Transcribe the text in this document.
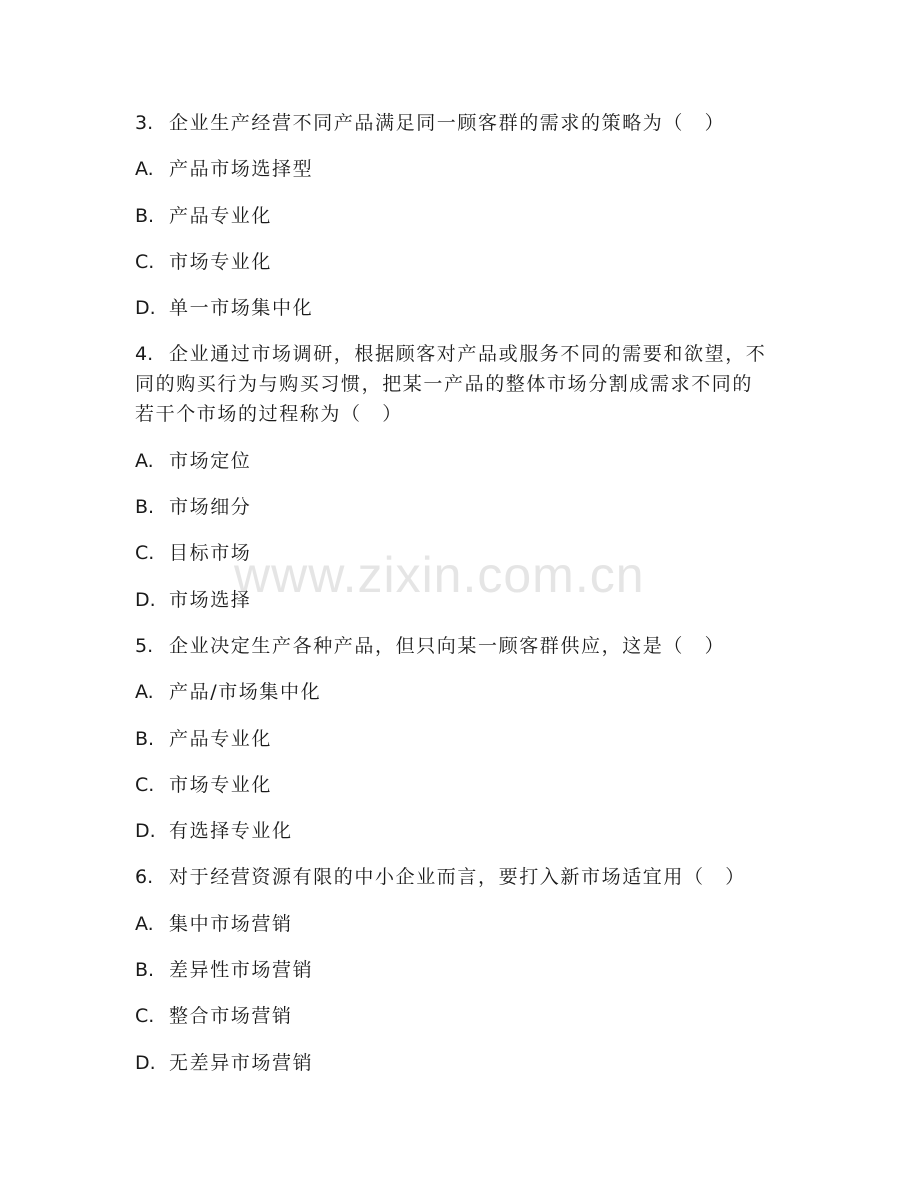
3. 企业生产经营不同产品满足同一顾客群的需求的策略为（　）

A. 产品市场选择型

B. 产品专业化

C. 市场专业化

D. 单一市场集中化

4. 企业通过市场调研，根据顾客对产品或服务不同的需要和欲望，不
同的购买行为与购买习惯，把某一产品的整体市场分割成需求不同的
若干个市场的过程称为（　）

A. 市场定位

B. 市场细分

C. 目标市场

D. 市场选择

5. 企业决定生产各种产品，但只向某一顾客群供应，这是（　）

A. 产品/市场集中化

B. 产品专业化

C. 市场专业化

D. 有选择专业化

6. 对于经营资源有限的中小企业而言，要打入新市场适宜用（　）

A. 集中市场营销

B. 差异性市场营销

C. 整合市场营销

D. 无差异市场营销

www.zixin.com.cn
